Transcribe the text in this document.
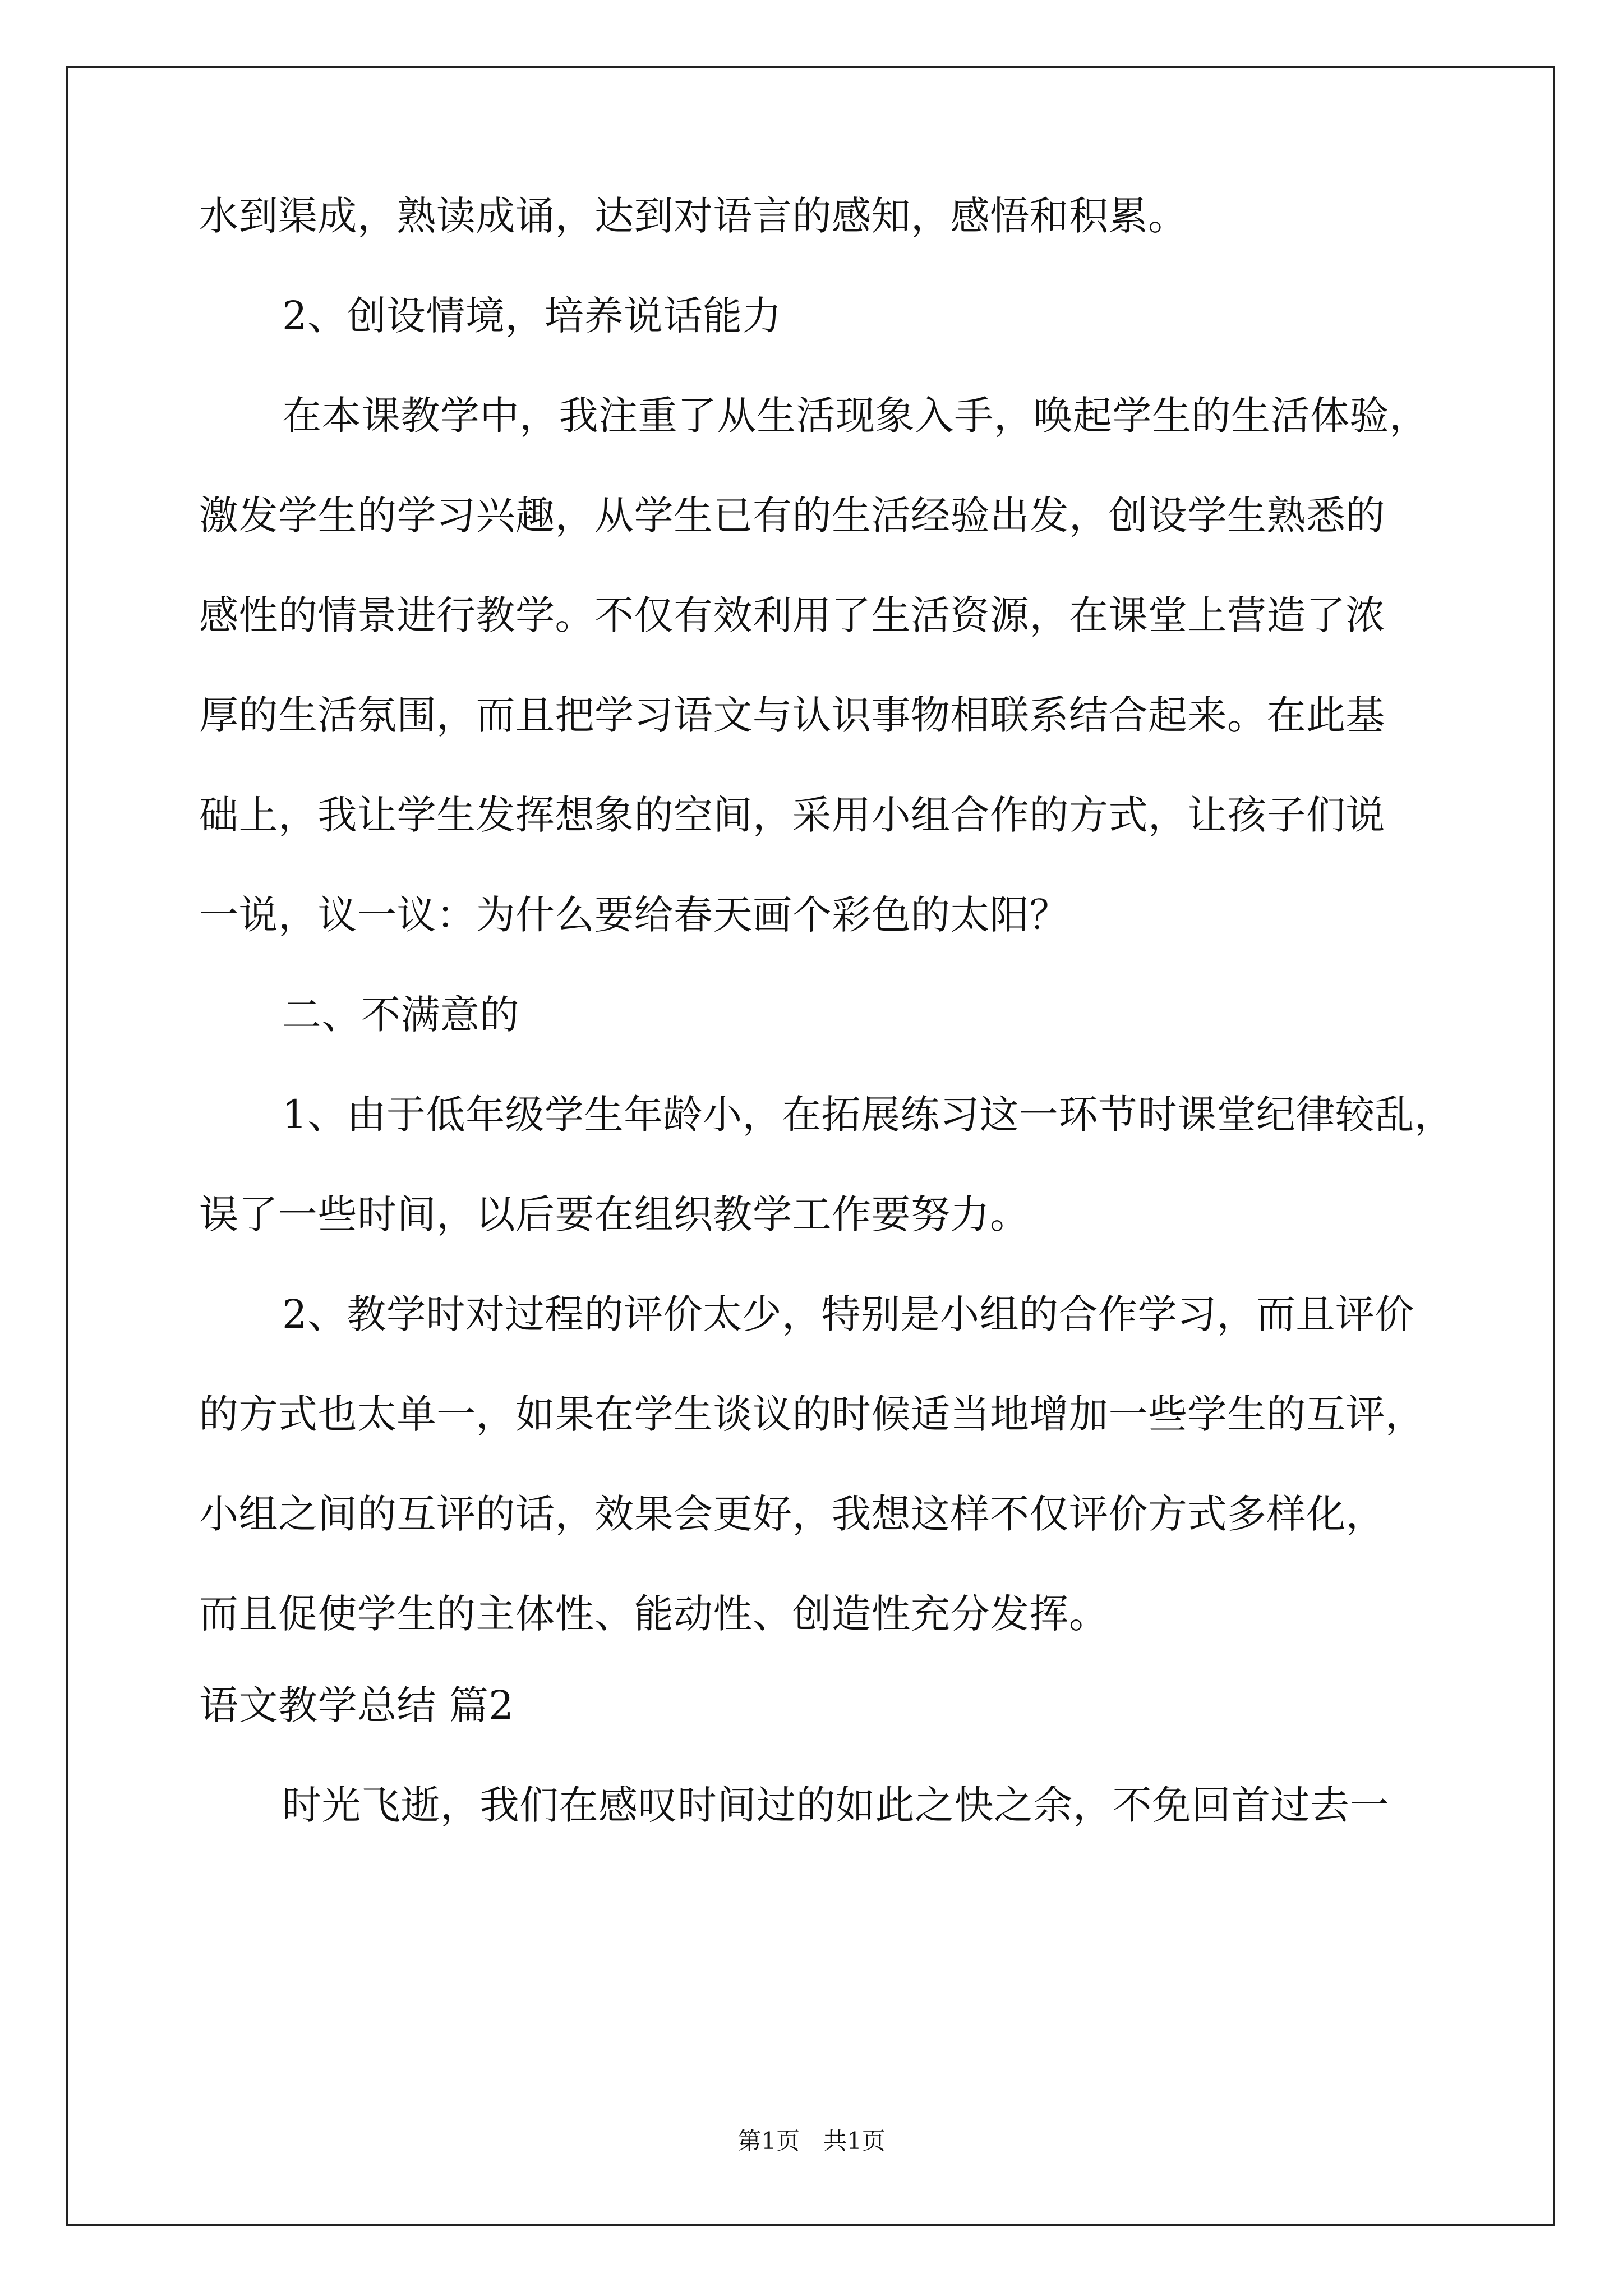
水到渠成，熟读成诵，达到对语言的感知，感悟和积累。
2、创设情境，培养说话能力
在本课教学中，我注重了从生活现象入手，唤起学生的生活体验，
激发学生的学习兴趣，从学生已有的生活经验出发，创设学生熟悉的
感性的情景进行教学。不仅有效利用了生活资源，在课堂上营造了浓
厚的生活氛围，而且把学习语文与认识事物相联系结合起来。在此基
础上，我让学生发挥想象的空间，采用小组合作的方式，让孩子们说
一说，议一议：为什么要给春天画个彩色的太阳？
二、不满意的
1、由于低年级学生年龄小，在拓展练习这一环节时课堂纪律较乱，
误了一些时间，以后要在组织教学工作要努力。
2、教学时对过程的评价太少，特别是小组的合作学习，而且评价
的方式也太单一，如果在学生谈议的时候适当地增加一些学生的互评，
小组之间的互评的话，效果会更好，我想这样不仅评价方式多样化，
而且促使学生的主体性、能动性、创造性充分发挥。
语文教学总结 篇2
时光飞逝，我们在感叹时间过的如此之快之余，不免回首过去一
第1页　共1页
